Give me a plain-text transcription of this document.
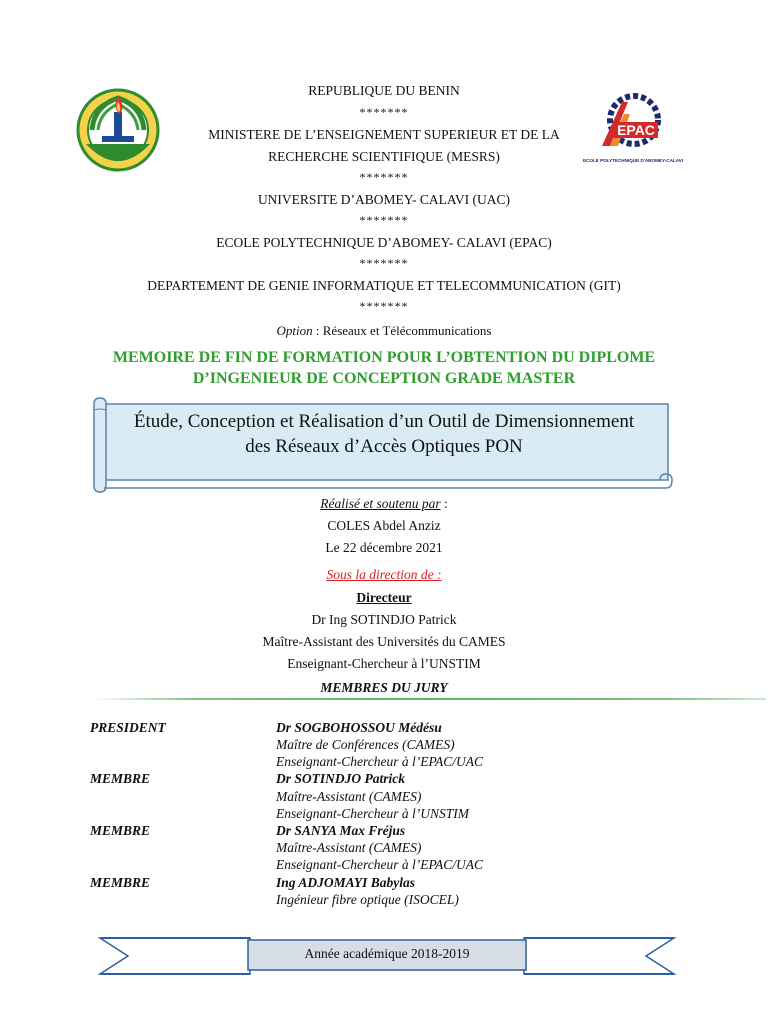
EPAC
ECOLE POLYTECHNIQUE D'ABOMEY-CALAVI
REPUBLIQUE DU BENIN
*******
MINISTERE DE L’ENSEIGNEMENT SUPERIEUR ET DE LA
RECHERCHE SCIENTIFIQUE (MESRS)
*******
UNIVERSITE D’ABOMEY- CALAVI (UAC)
*******
ECOLE POLYTECHNIQUE D’ABOMEY- CALAVI (EPAC)
*******
DEPARTEMENT DE GENIE INFORMATIQUE ET TELECOMMUNICATION (GIT)
*******
Option : Réseaux et Télécommunications
MEMOIRE DE FIN DE FORMATION POUR L’OBTENTION DU DIPLOME
D’INGENIEUR DE CONCEPTION GRADE MASTER
Étude, Conception et Réalisation d’un Outil de Dimensionnement
des Réseaux d’Accès Optiques PON
Réalisé et soutenu par :
COLES Abdel Anziz
Le 22 décembre 2021
Sous la direction de :
Directeur
Dr Ing SOTINDJO Patrick
Maître-Assistant des Universités du CAMES
Enseignant-Chercheur à l’UNSTIM
MEMBRES DU JURY
PRESIDENT	Dr SOGBOHOSSOU Médésu
Maître de Conférences (CAMES)
Enseignant-Chercheur à l’EPAC/UAC
MEMBRE	Dr SOTINDJO Patrick
Maître-Assistant (CAMES)
Enseignant-Chercheur à l’UNSTIM
MEMBRE	Dr SANYA Max Fréjus
Maître-Assistant (CAMES)
Enseignant-Chercheur à l’EPAC/UAC
MEMBRE	Ing ADJOMAYI Babylas
Ingénieur fibre optique (ISOCEL)
Année académique 2018-2019
